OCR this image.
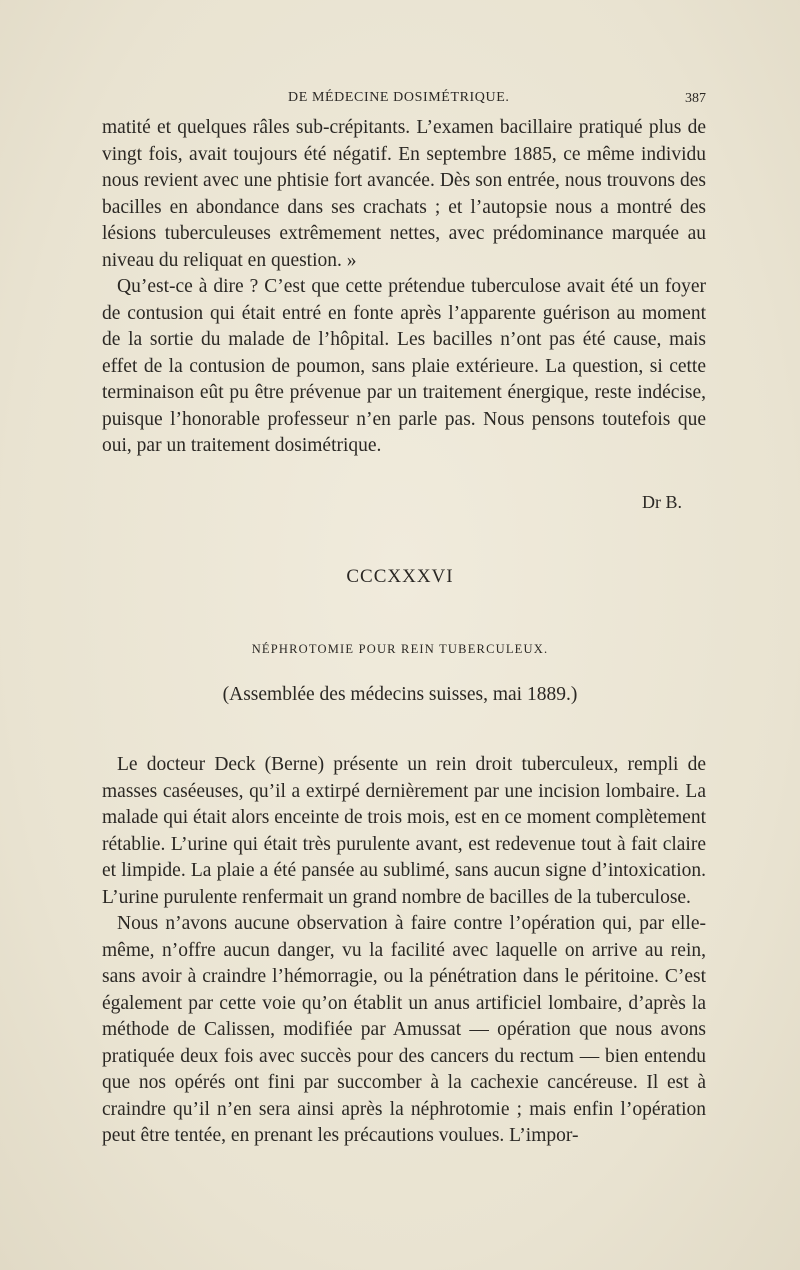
DE MÉDECINE DOSIMÉTRIQUE.	387

matité et quelques râles sub-crépitants. L’examen bacillaire pratiqué plus de vingt fois, avait toujours été négatif. En septembre 1885, ce même individu nous revient avec une phtisie fort avancée. Dès son entrée, nous trouvons des bacilles en abondance dans ses crachats ; et l’autopsie nous a montré des lésions tuberculeuses extrêmement nettes, avec prédominance marquée au niveau du reliquat en question. »

Qu’est-ce à dire ? C’est que cette prétendue tuberculose avait été un foyer de contusion qui était entré en fonte après l’apparente guérison au moment de la sortie du malade de l’hôpital. Les bacilles n’ont pas été cause, mais effet de la contusion de poumon, sans plaie extérieure. La question, si cette terminaison eût pu être prévenue par un traitement énergique, reste indécise, puisque l’honorable professeur n’en parle pas. Nous pensons toutefois que oui, par un traitement dosimétrique.

Dr B.
CCCXXXVI
NÉPHROTOMIE POUR REIN TUBERCULEUX.
(Assemblée des médecins suisses, mai 1889.)

Le docteur Deck (Berne) présente un rein droit tuberculeux, rempli de masses caséeuses, qu’il a extirpé dernièrement par une incision lombaire. La malade qui était alors enceinte de trois mois, est en ce moment complètement rétablie. L’urine qui était très purulente avant, est redevenue tout à fait claire et limpide. La plaie a été pansée au sublimé, sans aucun signe d’intoxication. L’urine purulente renfermait un grand nombre de bacilles de la tuberculose.

Nous n’avons aucune observation à faire contre l’opération qui, par elle-même, n’offre aucun danger, vu la facilité avec laquelle on arrive au rein, sans avoir à craindre l’hémorragie, ou la pénétration dans le péritoine. C’est également par cette voie qu’on établit un anus artificiel lombaire, d’après la méthode de Calissen, modifiée par Amussat — opération que nous avons pratiquée deux fois avec succès pour des cancers du rectum — bien entendu que nos opérés ont fini par succomber à la cachexie cancéreuse. Il est à craindre qu’il n’en sera ainsi après la néphrotomie ; mais enfin l’opération peut être tentée, en prenant les précautions voulues. L’impor-
